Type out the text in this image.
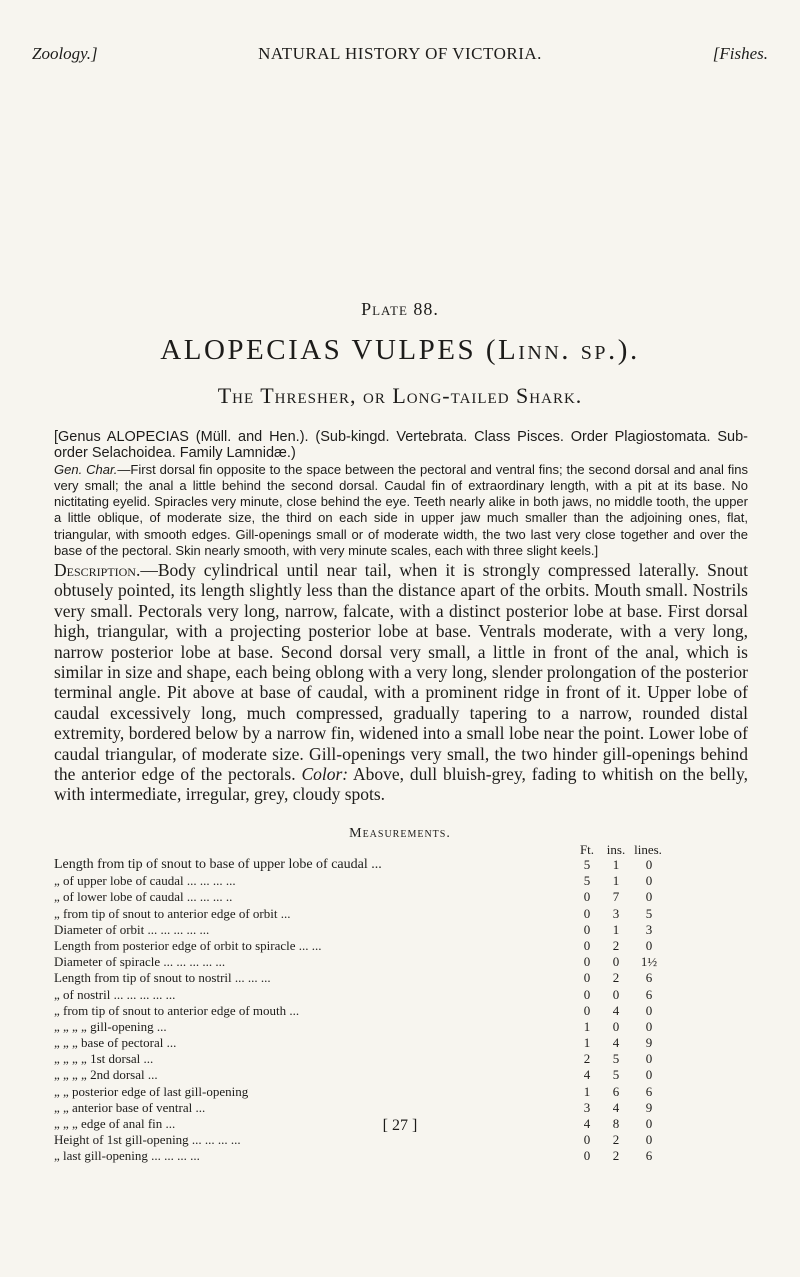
Zoology.]	NATURAL HISTORY OF VICTORIA.	[Fishes.
Plate 88.
ALOPECIAS VULPES (Linn. sp.).
The Thresher, or Long-tailed Shark.
[Genus ALOPECIAS (Müll. and Hen.). (Sub-kingd. Vertebrata. Class Pisces. Order Plagiostomata. Sub-order Selachoidea. Family Lamnidæ.)
Gen. Char.—First dorsal fin opposite to the space between the pectoral and ventral fins; the second dorsal and anal fins very small; the anal a little behind the second dorsal. Caudal fin of extraordinary length, with a pit at its base. No nictitating eyelid. Spiracles very minute, close behind the eye. Teeth nearly alike in both jaws, no middle tooth, the upper a little oblique, of moderate size, the third on each side in upper jaw much smaller than the adjoining ones, flat, triangular, with smooth edges. Gill-openings small or of moderate width, the two last very close together and over the base of the pectoral. Skin nearly smooth, with very minute scales, each with three slight keels.]
Description.—Body cylindrical until near tail, when it is strongly compressed laterally. Snout obtusely pointed, its length slightly less than the distance apart of the orbits. Mouth small. Nostrils very small. Pectorals very long, narrow, falcate, with a distinct posterior lobe at base. First dorsal high, triangular, with a projecting posterior lobe at base. Ventrals moderate, with a very long, narrow posterior lobe at base. Second dorsal very small, a little in front of the anal, which is similar in size and shape, each being oblong with a very long, slender prolongation of the posterior terminal angle. Pit above at base of caudal, with a prominent ridge in front of it. Upper lobe of caudal excessively long, much compressed, gradually tapering to a narrow, rounded distal extremity, bordered below by a narrow fin, widened into a small lobe near the point. Lower lobe of caudal triangular, of moderate size. Gill-openings very small, the two hinder gill-openings behind the anterior edge of the pectorals. Color: Above, dull bluish-grey, fading to whitish on the belly, with intermediate, irregular, grey, cloudy spots.
Measurements.
Ft. ins. lines.
Length from tip of snout to base of upper lobe of caudal ...	5	1	0
„ of upper lobe of caudal ... ... ... ...	5	1	0
„ of lower lobe of caudal ... ... ... ..	0	7	0
„ from tip of snout to anterior edge of orbit ...	0	3	5
Diameter of orbit ... ... ... ... ...	0	1	3
Length from posterior edge of orbit to spiracle ... ...	0	2	0
Diameter of spiracle ... ... ... ... ...	0	0	1½
Length from tip of snout to nostril ... ... ...	0	2	6
„ of nostril ... ... ... ... ...	0	0	6
„ from tip of snout to anterior edge of mouth ...	0	4	0
„ „ „ „ gill-opening ...	1	0	0
„ „ „ base of pectoral ...	1	4	9
„ „ „ „ 1st dorsal ...	2	5	0
„ „ „ „ 2nd dorsal ...	4	5	0
„ „ posterior edge of last gill-opening	1	6	6
„ „ anterior base of ventral ...	3	4	9
„ „ „ edge of anal fin ...	4	8	0
Height of 1st gill-opening ... ... ... ...	0	2	0
„ last gill-opening ... ... ... ...	0	2	6
[ 27 ]
